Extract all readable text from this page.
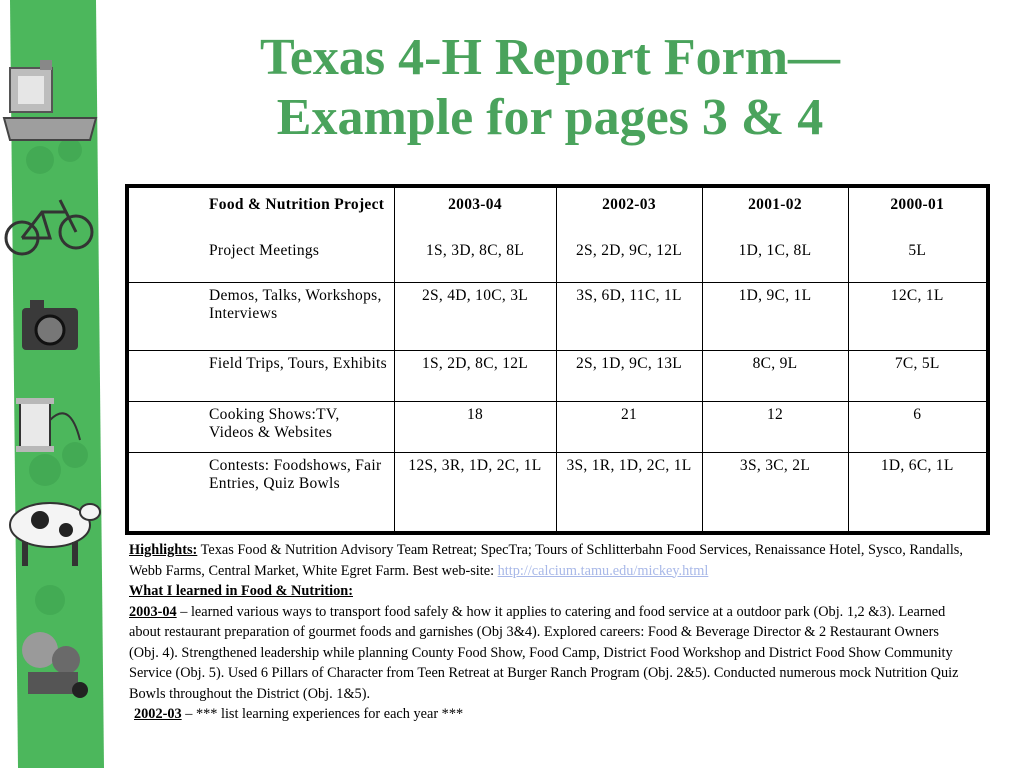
Texas 4-H Report Form—
Example for pages 3 & 4
Food & Nutrition Project	2003-04	2002-03	2001-02	2000-01
Project Meetings	1S, 3D, 8C, 8L	2S, 2D, 9C, 12L	1D, 1C, 8L	5L
Demos, Talks, Workshops, Interviews	2S, 4D, 10C, 3L	3S, 6D, 11C, 1L	1D, 9C, 1L	12C, 1L
Field Trips, Tours, Exhibits	1S, 2D, 8C, 12L	2S, 1D, 9C, 13L	8C, 9L	7C, 5L
Cooking Shows:TV, Videos & Websites	18	21	12	6
Contests: Foodshows, Fair Entries, Quiz Bowls	12S, 3R, 1D, 2C, 1L	3S, 1R, 1D, 2C, 1L	3S, 3C, 2L	1D, 6C, 1L

Highlights: Texas Food & Nutrition Advisory Team Retreat; SpecTra; Tours of Schlitterbahn Food Services, Renaissance Hotel, Sysco, Randalls, Webb Farms, Central Market, White Egret Farm. Best web-site: http://calcium.tamu.edu/mickey.html

What I learned in Food & Nutrition:

2003-04 – learned various ways to transport food safely & how it applies to catering and food service at a outdoor park (Obj. 1,2 &3). Learned about restaurant preparation of gourmet foods and garnishes (Obj 3&4). Explored careers: Food & Beverage Director & 2 Restaurant Owners (Obj. 4). Strengthened leadership while planning County Food Show, Food Camp, District Food Workshop and District Food Show Community Service (Obj. 5). Used 6 Pillars of Character from Teen Retreat at Burger Ranch Program (Obj. 2&5). Conducted numerous mock Nutrition Quiz Bowls throughout the District (Obj. 1&5).

2002-03 – *** list learning experiences for each year ***
